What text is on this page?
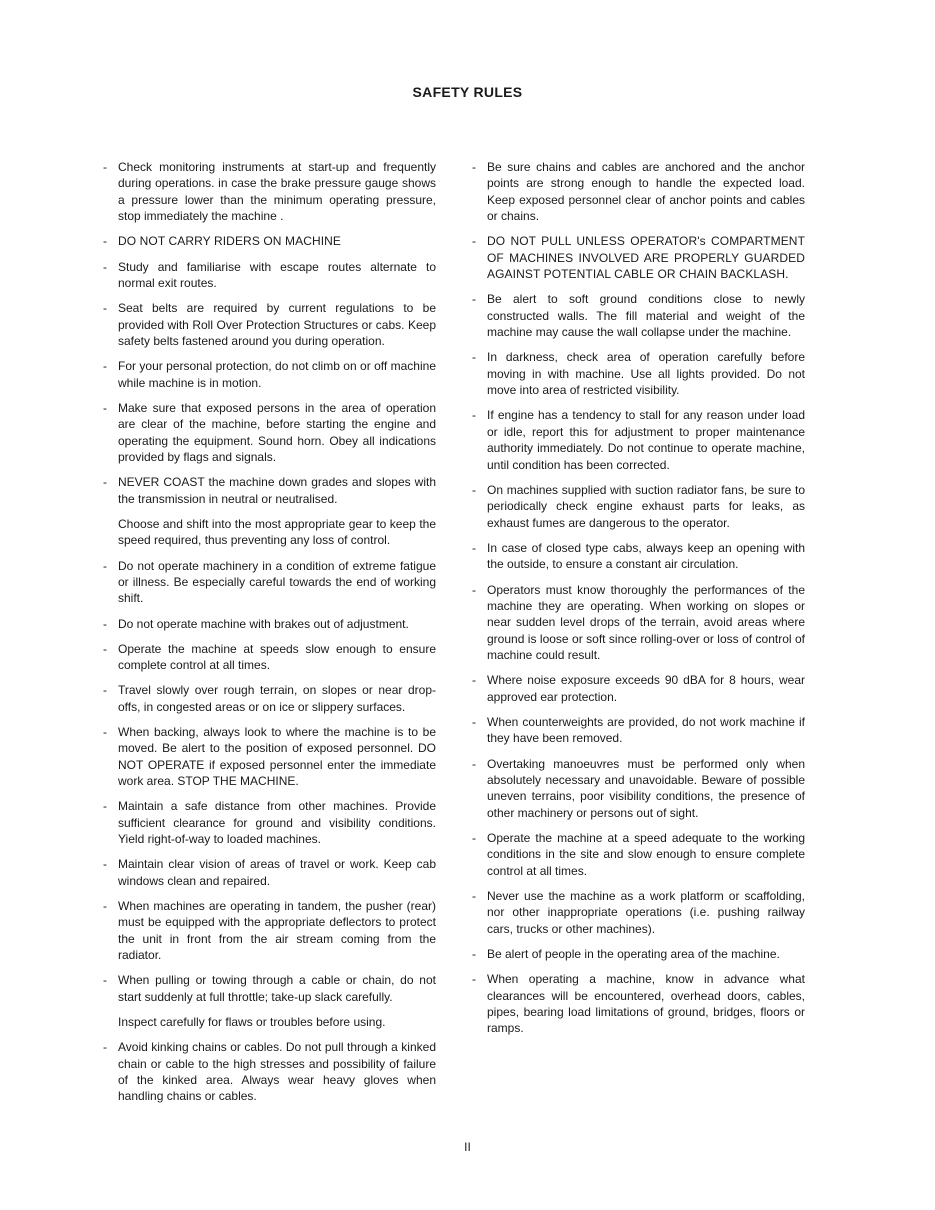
SAFETY RULES
- Check monitoring instruments at start-up and frequently during operations. in case the brake pressure gauge shows a pressure lower than the minimum operating pressure, stop immediately the machine .
- DO NOT CARRY RIDERS ON MACHINE
- Study and familiarise with escape routes alternate to normal exit routes.
- Seat belts are required by current regulations to be provided with Roll Over Protection Structures or cabs. Keep safety belts fastened around you during operation.
- For your personal protection, do not climb on or off machine while machine is in motion.
- Make sure that exposed persons in the area of operation are clear of the machine, before starting the engine and operating the equipment. Sound horn. Obey all indications provided by flags and signals.
- NEVER COAST the machine down grades and slopes with the transmission in neutral or neutralised.
Choose and shift into the most appropriate gear to keep the speed required, thus preventing any loss of control.
- Do not operate machinery in a condition of extreme fatigue or illness. Be especially careful towards the end of working shift.
- Do not operate machine with brakes out of adjustment.
- Operate the machine at speeds slow enough to ensure complete control at all times.
- Travel slowly over rough terrain, on slopes or near drop-offs, in congested areas or on ice or slippery surfaces.
- When backing, always look to where the machine is to be moved. Be alert to the position of exposed personnel. DO NOT OPERATE if exposed personnel enter the immediate work area. STOP THE MACHINE.
- Maintain a safe distance from other machines. Provide sufficient clearance for ground and visibility conditions. Yield right-of-way to loaded machines.
- Maintain clear vision of areas of travel or work. Keep cab windows clean and repaired.
- When machines are operating in tandem, the pusher (rear) must be equipped with the appropriate deflectors to protect the unit in front from the air stream coming from the radiator.
- When pulling or towing through a cable or chain, do not start suddenly at full throttle; take-up slack carefully.
Inspect carefully for flaws or troubles before using.
- Avoid kinking chains or cables. Do not pull through a kinked chain or cable to the high stresses and possibility of failure of the kinked area. Always wear heavy gloves when handling chains or cables.
- Be sure chains and cables are anchored and the anchor points are strong enough to handle the expected load. Keep exposed personnel clear of anchor points and cables or chains.
- DO NOT PULL UNLESS OPERATOR's COMPARTMENT OF MACHINES INVOLVED ARE PROPERLY GUARDED AGAINST POTENTIAL CABLE OR CHAIN BACKLASH.
- Be alert to soft ground conditions close to newly constructed walls. The fill material and weight of the machine may cause the wall collapse under the machine.
- In darkness, check area of operation carefully before moving in with machine. Use all lights provided. Do not move into area of restricted visibility.
- If engine has a tendency to stall for any reason under load or idle, report this for adjustment to proper maintenance authority immediately. Do not continue to operate machine, until condition has been corrected.
- On machines supplied with suction radiator fans, be sure to periodically check engine exhaust parts for leaks, as exhaust fumes are dangerous to the operator.
- In case of closed type cabs, always keep an opening with the outside, to ensure a constant air circulation.
- Operators must know thoroughly the performances of the machine they are operating. When working on slopes or near sudden level drops of the terrain, avoid areas where ground is loose or soft since rolling-over or loss of control of machine could result.
- Where noise exposure exceeds 90 dBA for 8 hours, wear approved ear protection.
- When counterweights are provided, do not work machine if they have been removed.
- Overtaking manoeuvres must be performed only when absolutely necessary and unavoidable. Beware of possible uneven terrains, poor visibility conditions, the presence of other machinery or persons out of sight.
- Operate the machine at a speed adequate to the working conditions in the site and slow enough to ensure complete control at all times.
- Never use the machine as a work platform or scaffolding, nor other inappropriate operations (i.e. pushing railway cars, trucks or other machines).
- Be alert of people in the operating area of the machine.
- When operating a machine, know in advance what clearances will be encountered, overhead doors, cables, pipes, bearing load limitations of ground, bridges, floors or ramps.
II
